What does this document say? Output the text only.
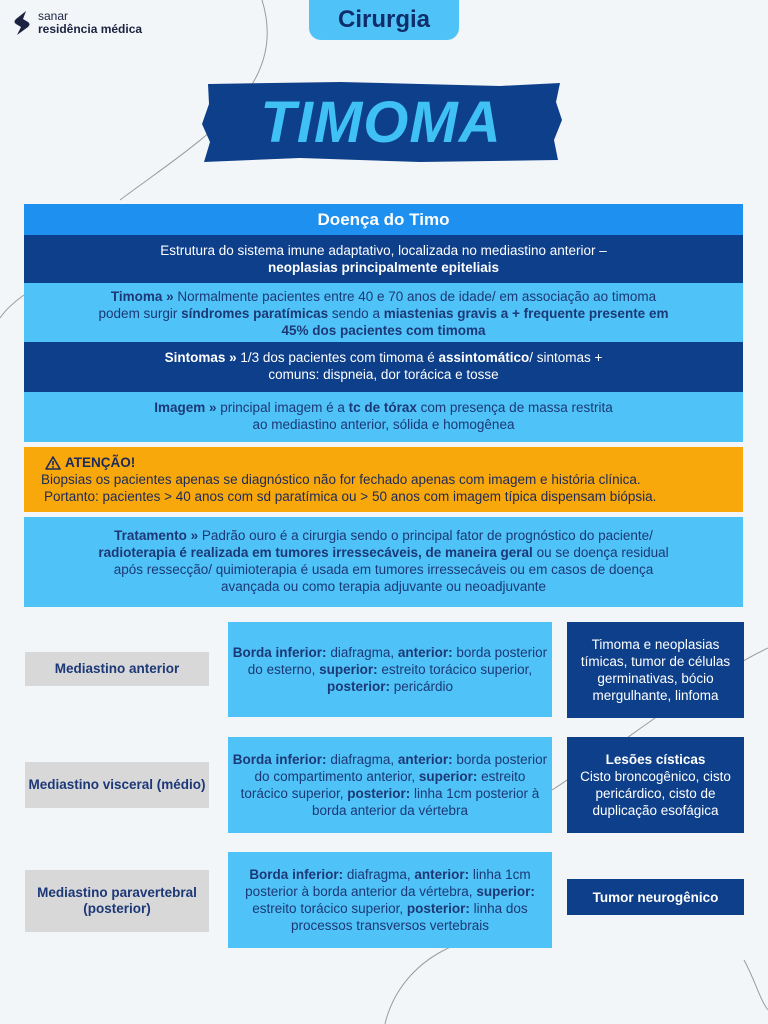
sanar
residência médica	Cirurgia
TIMOMA
Doença do Timo
Estrutura do sistema imune adaptativo, localizada no mediastino anterior –
neoplasias principalmente epiteliais
Timoma » Normalmente pacientes entre 40 e 70 anos de idade/ em associação ao timoma
podem surgir síndromes paratímicas sendo a miastenias gravis a + frequente presente em
45% dos pacientes com timoma
Sintomas » 1/3 dos pacientes com timoma é assintomático/ sintomas +
comuns: dispneia, dor torácica e tosse
Imagem » principal imagem é a tc de tórax com presença de massa restrita
ao mediastino anterior, sólida e homogênea
ATENÇÃO!
Biopsias os pacientes apenas se diagnóstico não for fechado apenas com imagem e história clínica.
Portanto: pacientes > 40 anos com sd paratímica ou > 50 anos com imagem típica dispensam biópsia.
Tratamento » Padrão ouro é a cirurgia sendo o principal fator de prognóstico do paciente/
radioterapia é realizada em tumores irressecáveis, de maneira geral ou se doença residual
após ressecção/ quimioterapia é usada em tumores irressecáveis ou em casos de doença
avançada ou como terapia adjuvante ou neoadjuvante
Mediastino anterior
Borda inferior: diafragma, anterior: borda posterior do esterno, superior: estreito torácico superior, posterior: pericárdio
Timoma e neoplasias tímicas, tumor de células germinativas, bócio mergulhante, linfoma
Mediastino visceral (médio)
Borda inferior: diafragma, anterior: borda posterior do compartimento anterior, superior: estreito torácico superior, posterior: linha 1cm posterior à borda anterior da vértebra
Lesões císticas
Cisto broncogênico, cisto pericárdico, cisto de duplicação esofágica
Mediastino paravertebral (posterior)
Borda inferior: diafragma, anterior: linha 1cm posterior à borda anterior da vértebra, superior: estreito torácico superior, posterior: linha dos processos transversos vertebrais
Tumor neurogênico
